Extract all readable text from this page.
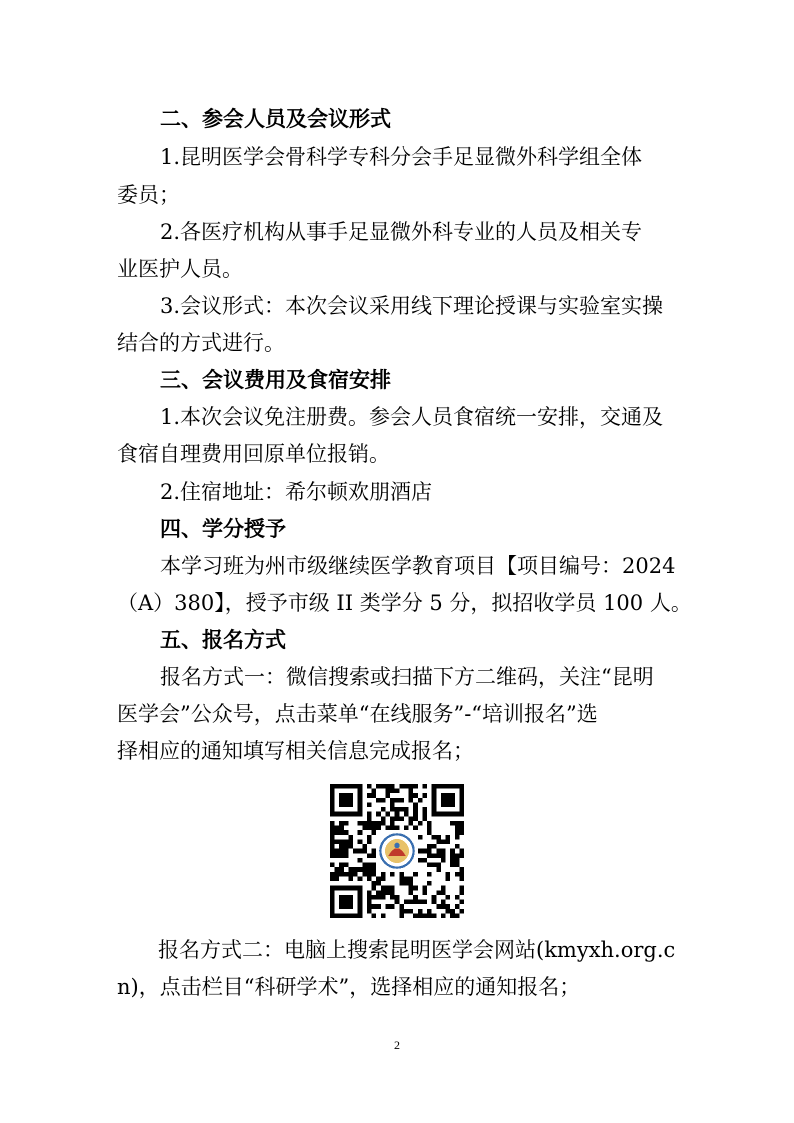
二、参会人员及会议形式
1.昆明医学会骨科学专科分会手足显微外科学组全体
委员；
2.各医疗机构从事手足显微外科专业的人员及相关专
业医护人员。
3.会议形式：本次会议采用线下理论授课与实验室实操
结合的方式进行。
三、会议费用及食宿安排
1.本次会议免注册费。参会人员食宿统一安排，交通及
食宿自理费用回原单位报销。
2.住宿地址：希尔顿欢朋酒店
四、学分授予
本学习班为州市级继续医学教育项目【项目编号：2024
（A）380】，授予市级 II 类学分 5 分，拟招收学员 100 人。
五、报名方式
报名方式一：微信搜索或扫描下方二维码，关注“昆明
医学会”公众号，点击菜单“在线服务”-“培训报名”选
择相应的通知填写相关信息完成报名；
报名方式二：电脑上搜索昆明医学会网站(kmyxh.org.c
n)，点击栏目“科研学术”，选择相应的通知报名；
2
